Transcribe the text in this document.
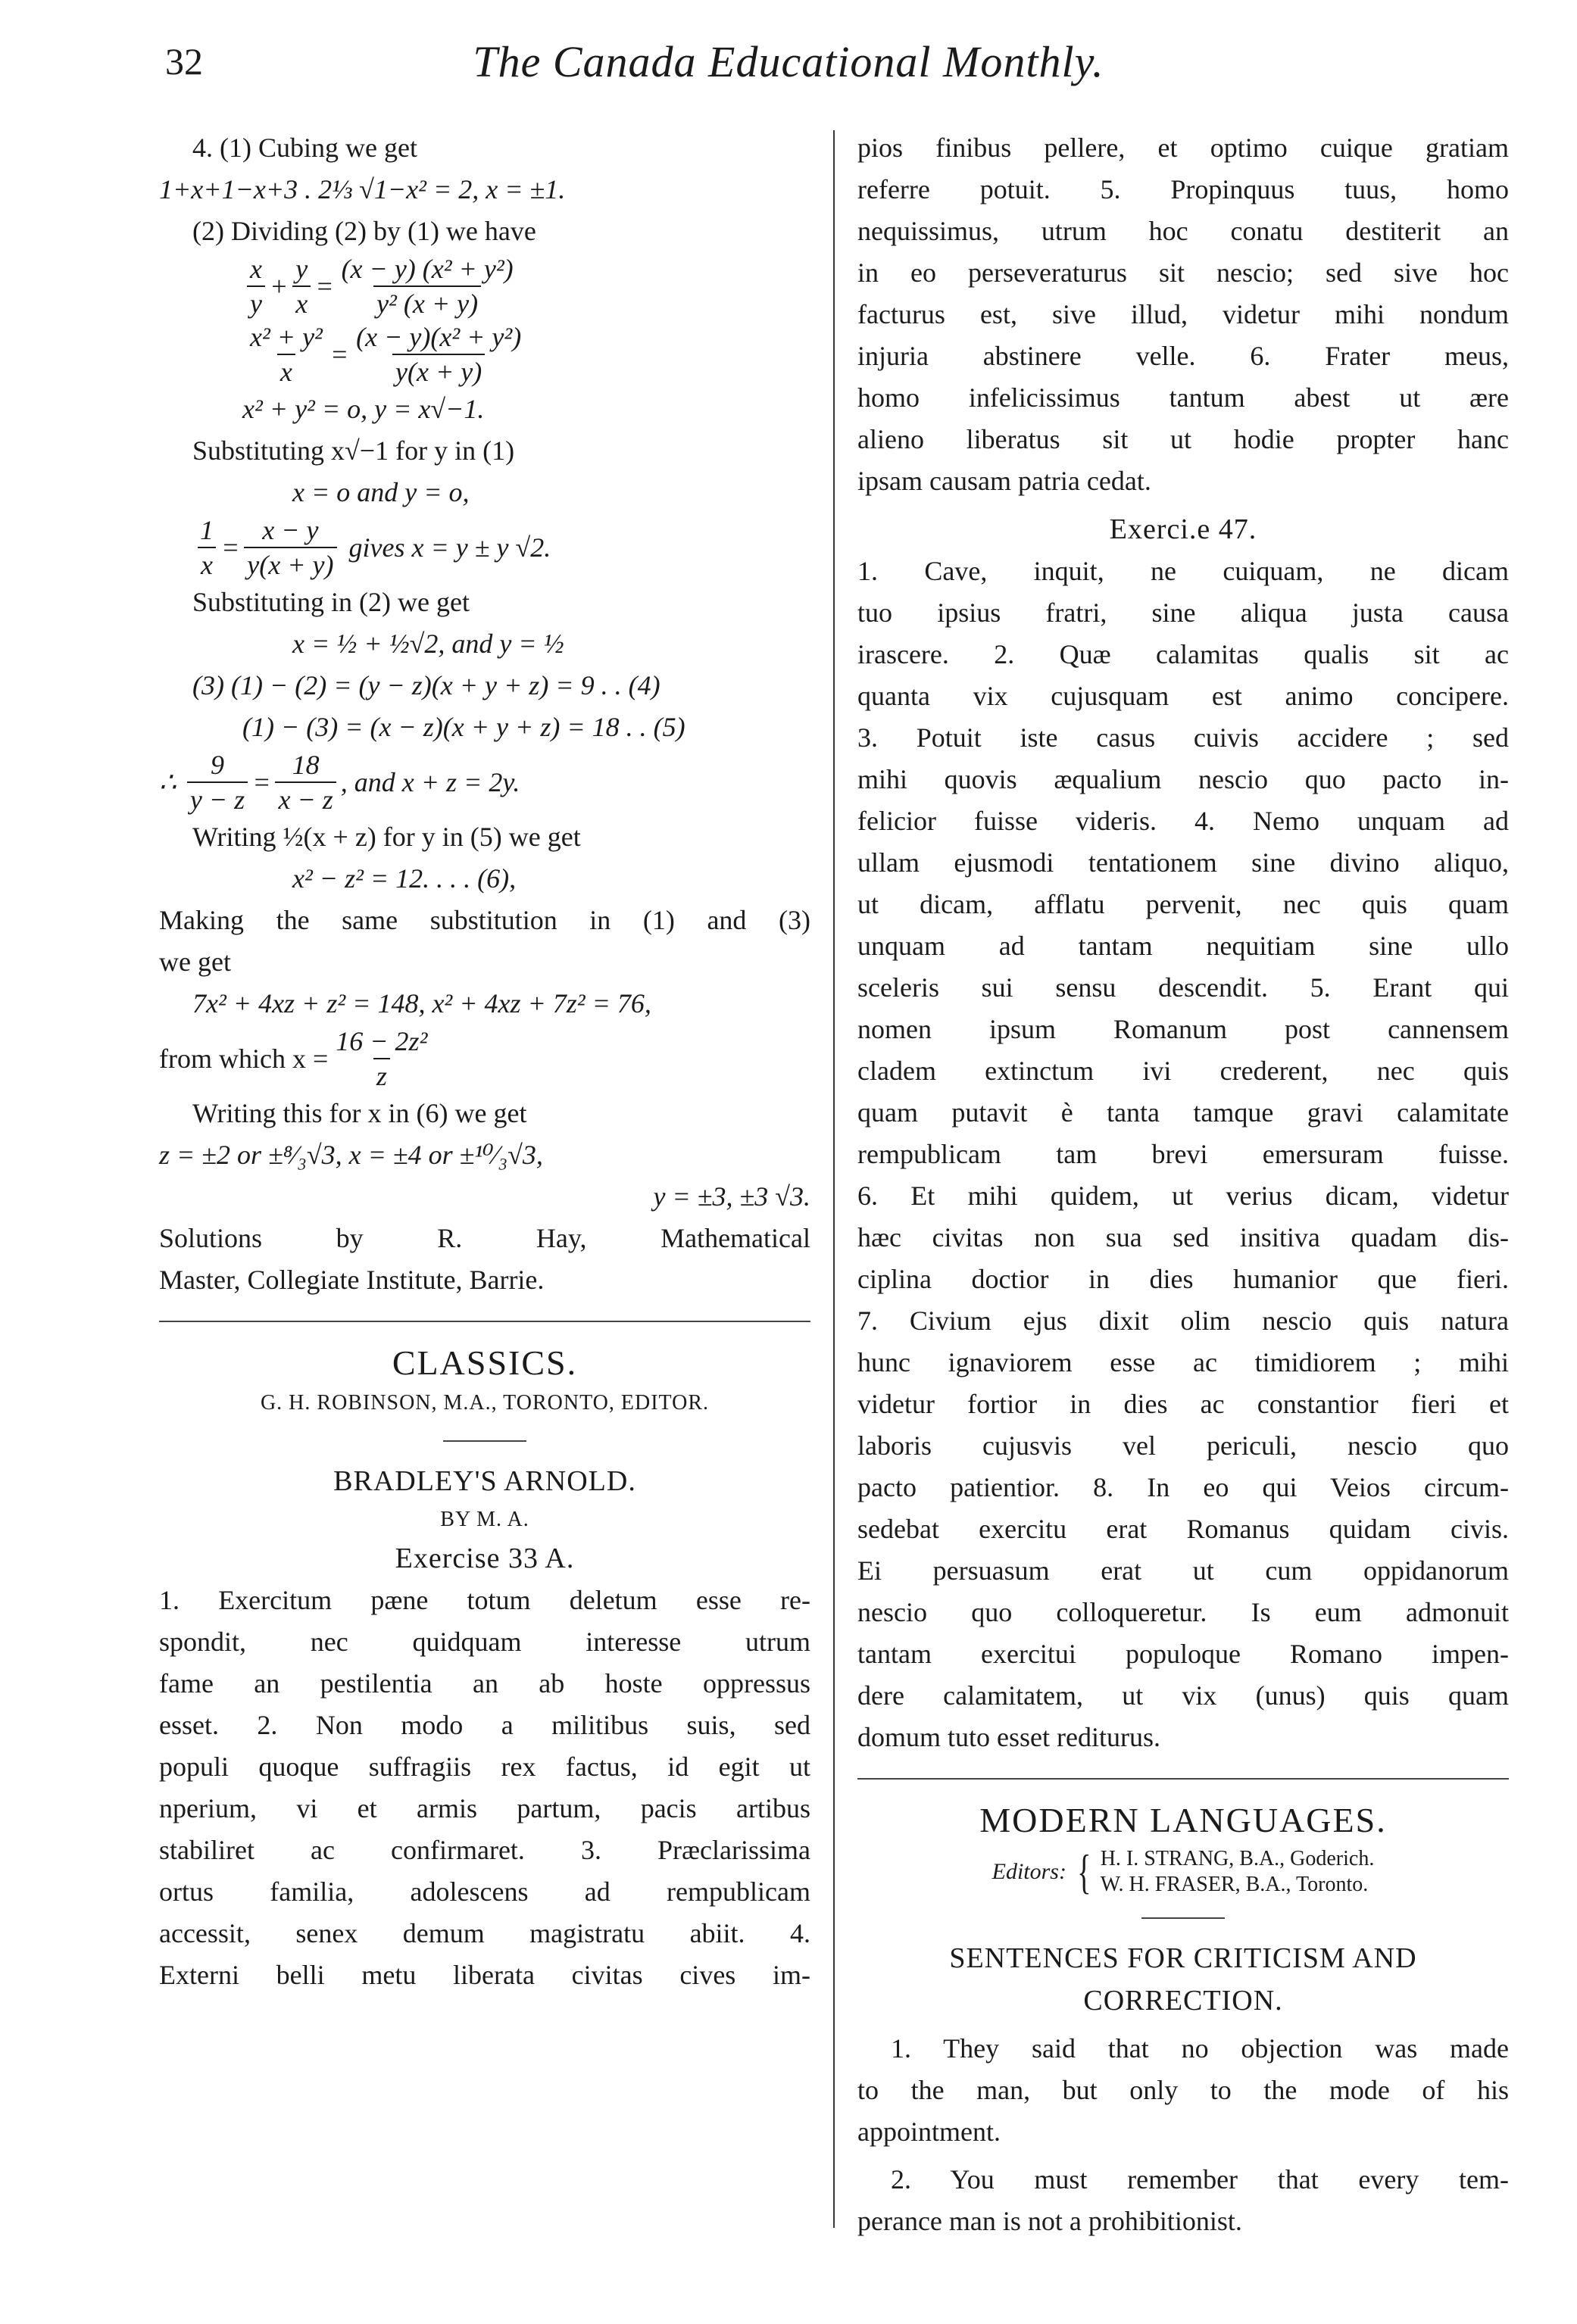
32	The Canada Educational Monthly.
4. (1) Cubing we get
1+x+1−x+3 . 2⅓ √1−x² = 2, x = ±1.
(2) Dividing (2) by (1) we have
$\frac{x}{y} + \frac{y}{x} = \frac{\text{(x − y) (x² + y²)}}{\text{y² (x + y)}}$
$\frac{\text{x² + y²}}{x} = \frac{\text{(x − y)(x² + y²)}}{y(x + y)}$
x² + y² = o, y = x√−1.
Substituting x√−1 for y in (1)
x = o and y = o,
$\frac{1}{x} = \frac{x - y}{y(x + y)}$ gives x = y ± y √2.
Substituting in (2) we get
x = ½ + ½√2, and y = ½
(3) (1) − (2) = (y − z)(x + y + z) = 9 . . (4)
(1) − (3) = (x − z)(x + y + z) = 18 . . (5)
∴ $\frac{9}{y - z} = \frac{18}{x - z}$ , and x + z = 2y.
Writing ½(x + z) for y in (5) we get
x² − z² = 12. . . . (6),
Making the same substitution in (1) and (3)
we get
7x² + 4xz + z² = 148, x² + 4xz + 7z² = 76,
from which $x = \frac{\text{16 − 2z²}}{z}$
Writing this for x in (6) we get
z = ±2 or ±⁸⁄₃√3, x = ±4 or ±¹⁰⁄₃√3,
y = ±3, ±3 √3.
Solutions by R. Hay, Mathematical
Master, Collegiate Institute, Barrie.
CLASSICS.
G. H. ROBINSON, M.A., TORONTO, EDITOR.
BRADLEY'S ARNOLD.
BY M. A.
Exercise 33 A.
1. Exercitum pæne totum deletum esse re-
spondit, nec quidquam interesse utrum
fame an pestilentia an ab hoste oppressus
esset. 2. Non modo a militibus suis, sed
populi quoque suffragiis rex factus, id egit ut
nperium, vi et armis partum, pacis artibus
stabiliret ac confirmaret. 3. Præclarissima
ortus familia, adolescens ad rempublicam
accessit, senex demum magistratu abiit. 4.
Externi belli metu liberata civitas cives im-
pios finibus pellere, et optimo cuique gratiam
referre potuit. 5. Propinquus tuus, homo
nequissimus, utrum hoc conatu destiterit an
in eo perseveraturus sit nescio; sed sive hoc
facturus est, sive illud, videtur mihi nondum
injuria abstinere velle. 6. Frater meus,
homo infelicissimus tantum abest ut ære
alieno liberatus sit ut hodie propter hanc
ipsam causam patria cedat.
Exerci.e 47.
1. Cave, inquit, ne cuiquam, ne dicam
tuo ipsius fratri, sine aliqua justa causa
irascere. 2. Quæ calamitas qualis sit ac
quanta vix cujusquam est animo concipere.
3. Potuit iste casus cuivis accidere ; sed
mihi quovis æqualium nescio quo pacto in-
felicior fuisse videris. 4. Nemo unquam ad
ullam ejusmodi tentationem sine divino aliquo,
ut dicam, afflatu pervenit, nec quis quam
unquam ad tantam nequitiam sine ullo
sceleris sui sensu descendit. 5. Erant qui
nomen ipsum Romanum post cannensem
cladem extinctum ivi crederent, nec quis
quam putavit è tanta tamque gravi calamitate
rempublicam tam brevi emersuram fuisse.
6. Et mihi quidem, ut verius dicam, videtur
hæc civitas non sua sed insitiva quadam dis-
ciplina doctior in dies humanior que fieri.
7. Civium ejus dixit olim nescio quis natura
hunc ignaviorem esse ac timidiorem ; mihi
videtur fortior in dies ac constantior fieri et
laboris cujusvis vel periculi, nescio quo
pacto patientior. 8. In eo qui Veios circum-
sedebat exercitu erat Romanus quidam civis.
Ei persuasum erat ut cum oppidanorum
nescio quo colloqueretur. Is eum admonuit
tantam exercitui populoque Romano impen-
dere calamitatem, ut vix (unus) quis quam
domum tuto esset rediturus.
MODERN LANGUAGES.
Editors: { H. I. STRANG, B.A., Goderich.
W. H. FRASER, B.A., Toronto.
SENTENCES FOR CRITICISM AND
CORRECTION.
1. They said that no objection was made
to the man, but only to the mode of his
appointment.
2. You must remember that every tem-
perance man is not a prohibitionist.
